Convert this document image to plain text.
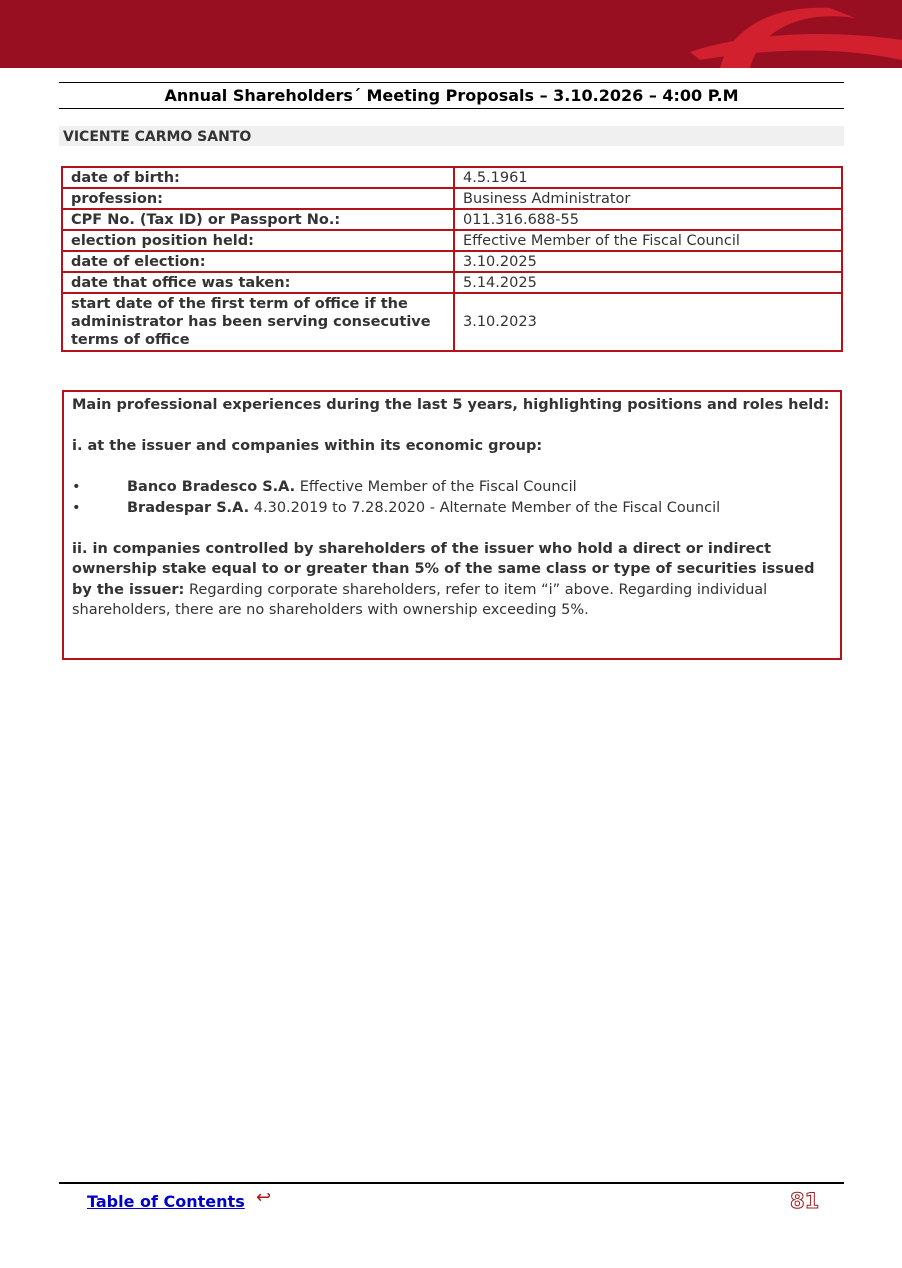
Annual Shareholders´ Meeting Proposals – 3.10.2026 – 4:00 P.M
VICENTE CARMO SANTO
date of birth:	4.5.1961
profession:	Business Administrator
CPF No. (Tax ID) or Passport No.:	011.316.688-55
election position held:	Effective Member of the Fiscal Council
date of election:	3.10.2025
date that office was taken:	5.14.2025
start date of the first term of office if the administrator has been serving consecutive terms of office	3.10.2023

Main professional experiences during the last 5 years, highlighting positions and roles held:

i. at the issuer and companies within its economic group:

• Banco Bradesco S.A. Effective Member of the Fiscal Council
• Bradespar S.A. 4.30.2019 to 7.28.2020 - Alternate Member of the Fiscal Council

ii. in companies controlled by shareholders of the issuer who hold a direct or indirect ownership stake equal to or greater than 5% of the same class or type of securities issued by the issuer: Regarding corporate shareholders, refer to item “i” above. Regarding individual shareholders, there are no shareholders with ownership exceeding 5%.

Table of Contents ↩	81
